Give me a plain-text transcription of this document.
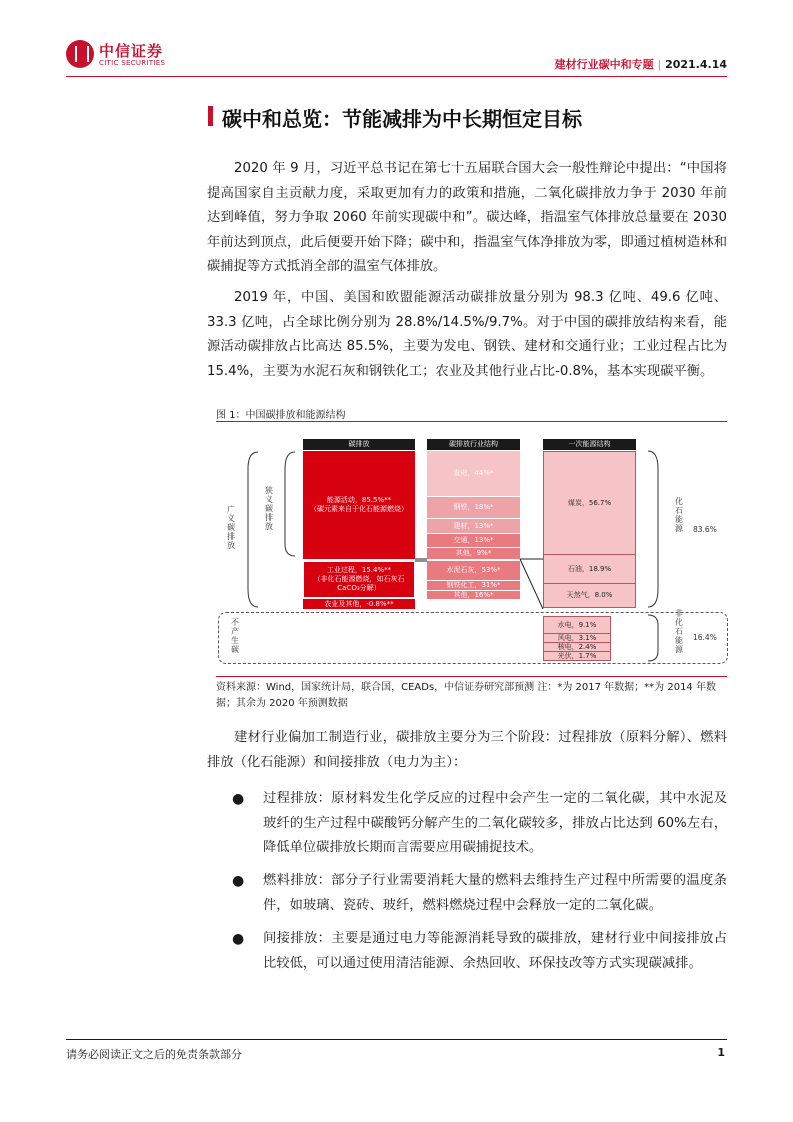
中信证券
CITIC SECURITIES	建材行业碳中和专题 | 2021.4.14
碳中和总览：节能减排为中长期恒定目标
2020 年 9 月，习近平总书记在第七十五届联合国大会一般性辩论中提出：“中国将提高国家自主贡献力度，采取更加有力的政策和措施，二氧化碳排放力争于 2030 年前达到峰值，努力争取 2060 年前实现碳中和”。碳达峰，指温室气体排放总量要在 2030 年前达到顶点，此后便要开始下降；碳中和，指温室气体净排放为零，即通过植树造林和碳捕捉等方式抵消全部的温室气体排放。
2019 年，中国、美国和欧盟能源活动碳排放量分别为 98.3 亿吨、49.6 亿吨、33.3 亿吨，占全球比例分别为 28.8%/14.5%/9.7%。对于中国的碳排放结构来看，能源活动碳排放占比高达 85.5%，主要为发电、钢铁、建材和交通行业；工业过程占比为 15.4%，主要为水泥石灰和钢铁化工；农业及其他行业占比-0.8%，基本实现碳平衡。
图 1：中国碳排放和能源结构
碳排放	碳排放行业结构	一次能源结构
广义碳排放
狭义碳排放
能源活动，85.5%**
（碳元素来自于化石能源燃烧）
工业过程，15.4%**
（非化石能源燃烧，如石灰石CaCO₃分解）
农业及其他，-0.8%**
发电，44%*
钢铁，18%*
建材，13%*
交通，13%*
其他，9%*
水泥石灰，53%*
钢铁化工，31%*
其他，16%*
煤炭，56.7%
石油，18.9%
天然气，8.0%
水电，9.1%
风电，3.1%
核电，2.4%
光伏，1.7%
不产生碳
化石能源 83.6%
非化石能源
16.4%
资料来源：Wind，国家统计局，联合国，CEADs，中信证券研究部预测 注：*为 2017 年数据；**为 2014 年数据；其余为 2020 年预测数据
建材行业偏加工制造行业，碳排放主要分为三个阶段：过程排放（原料分解）、燃料排放（化石能源）和间接排放（电力为主）：
● 过程排放：原材料发生化学反应的过程中会产生一定的二氧化碳，其中水泥及玻纤的生产过程中碳酸钙分解产生的二氧化碳较多，排放占比达到 60%左右，降低单位碳排放长期而言需要应用碳捕捉技术。
● 燃料排放：部分子行业需要消耗大量的燃料去维持生产过程中所需要的温度条件，如玻璃、瓷砖、玻纤，燃料燃烧过程中会释放一定的二氧化碳。
● 间接排放：主要是通过电力等能源消耗导致的碳排放，建材行业中间接排放占比较低，可以通过使用清洁能源、余热回收、环保技改等方式实现碳减排。
请务必阅读正文之后的免责条款部分	1
